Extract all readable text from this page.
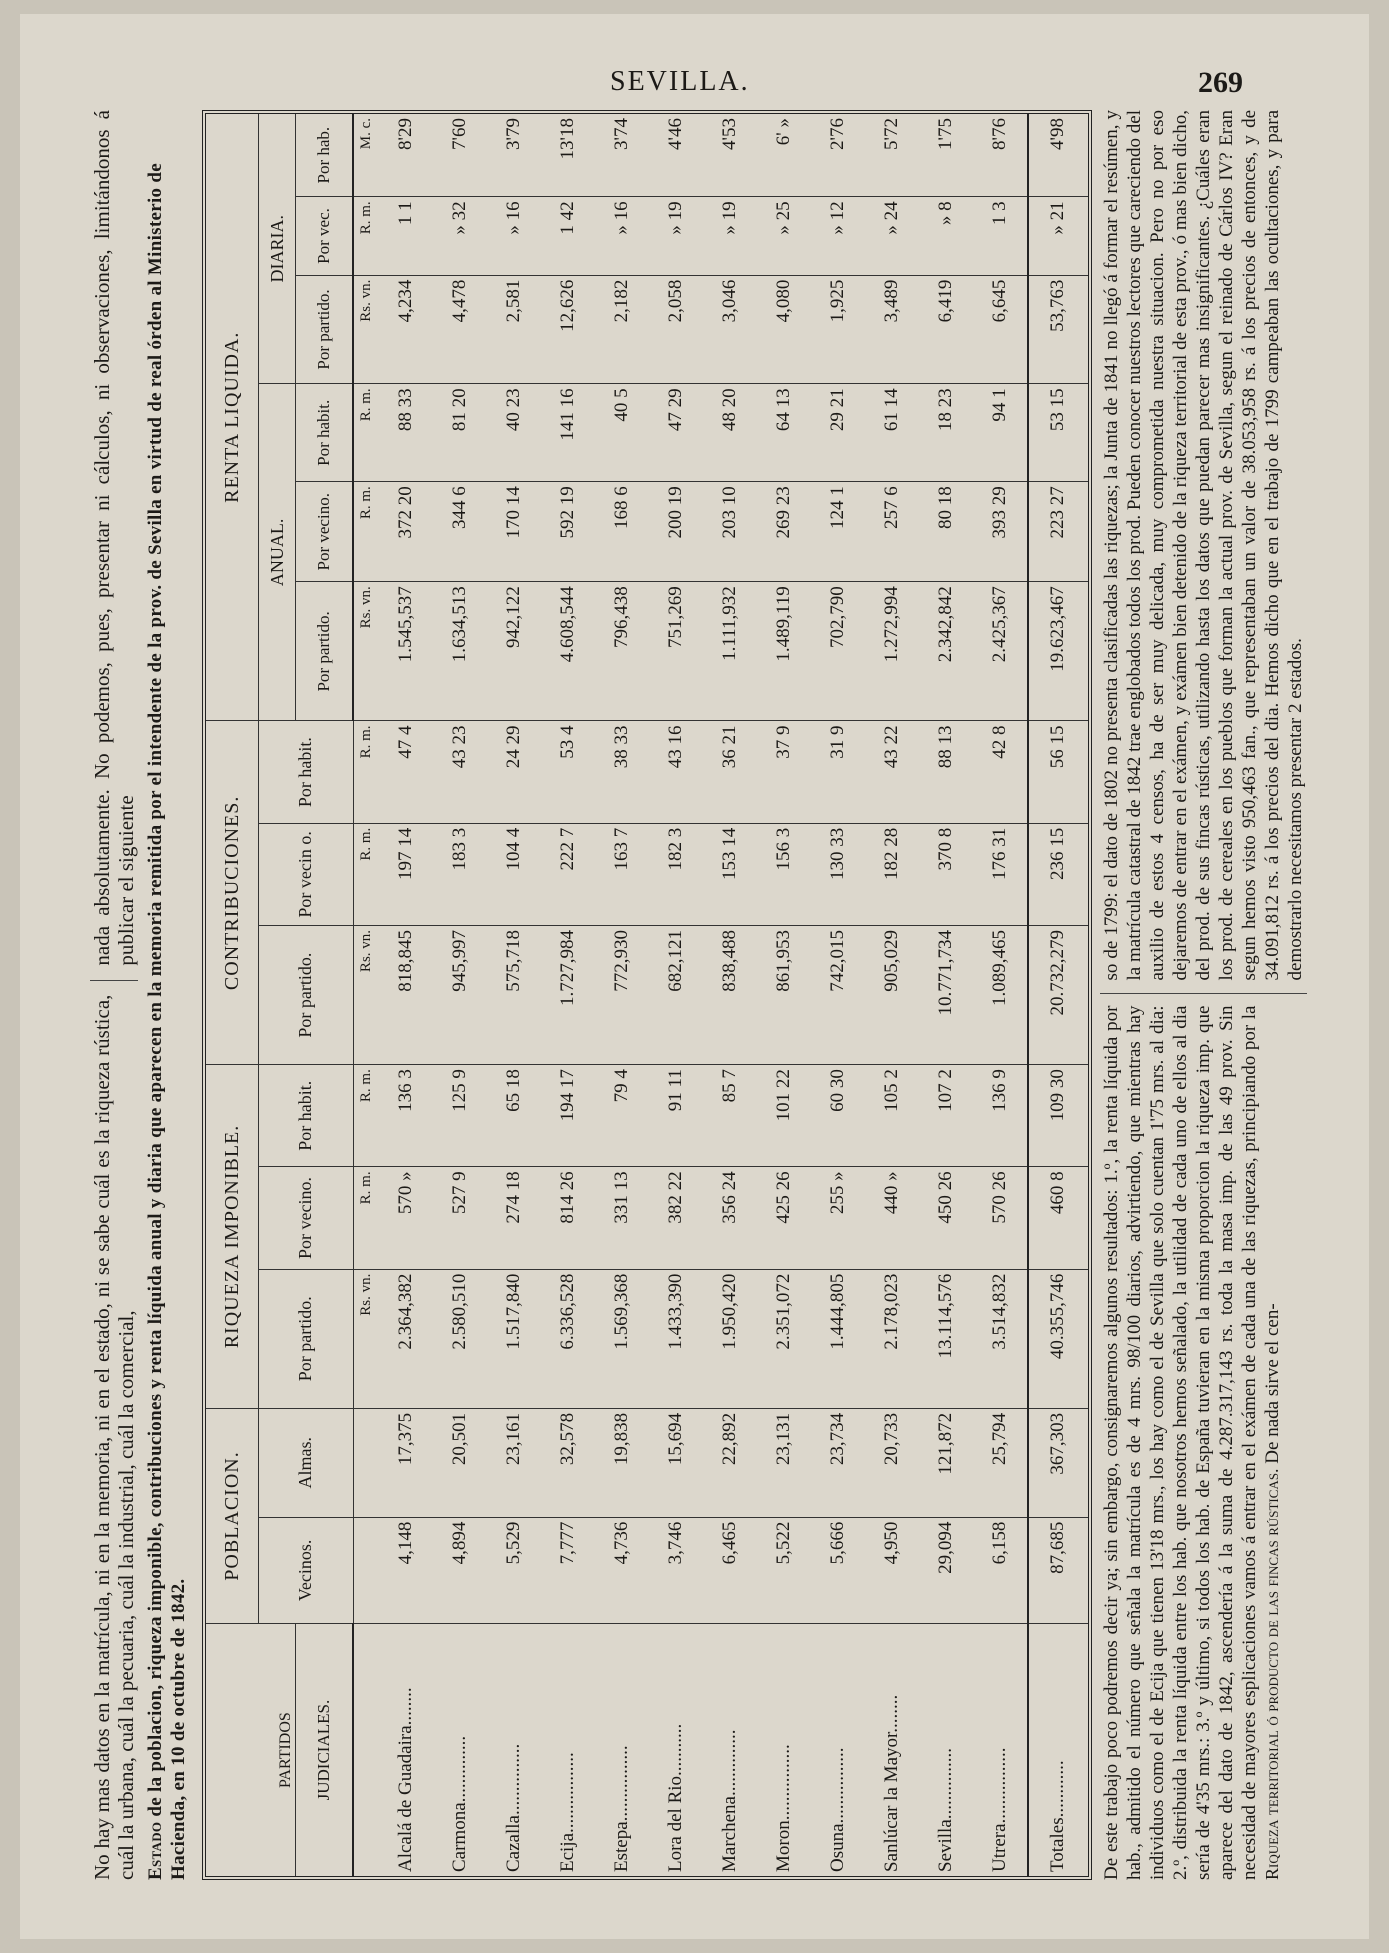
SEVILLA.	269

No hay mas datos en la matrícula, ni en la memoria, ni en el estado, ni se sabe cuál es la riqueza rústica, cuál la urbana, cuál la pecuaria, cuál la industrial, cuál la comercial,

nada absolutamente. No podemos, pues, presentar ni cálculos, ni observaciones, limitándonos á publicar el siguiente

Estado de la poblacion, riqueza imponible, contribuciones y renta líquida anual y diaria que aparecen en la memoria remitida por el intendente de la prov. de Sevilla en virtud de real órden al Ministerio de Hacienda, en 10 de octubre de 1842.	PARTIDOS	POBLACION.		RIQUEZA IMPONIBLE.			CONTRIBUCIONES.			RENTA LIQUIDA.					
	Vecinos.	Almas.	Por partido.	Por vecino.	Por habit.	Por partido.	Por vecin o.	Por habit.	ANUAL.			DIARIA.		
JUDICIALES.									Por partido.	Por vecino.	Por habit.	Por partido.	Por vec.	Por hab.
			Rs. vn.	R. m.	R. m.	Rs. vn.	R. m.	R. m.	Rs. vn.	R. m.	R. m.	Rs. vn.	R. m.	M. c.
Alcalá de Guadaira........	4,148	17,375	2.364,382	570 »	136 3	818,845	197 14	47 4	1.545,537	372 20	88 33	4,234	1 1	8'29
Carmona..............	4,894	20,501	2.580,510	527 9	125 9	945,997	183 3	43 23	1.634,513	344 6	81 20	4,478	» 32	7'60
Cazalla...............	5,529	23,161	1.517,840	274 18	65 18	575,718	104 4	24 29	942,122	170 14	40 23	2,581	» 16	3'79
Ecija.................	7,777	32,578	6.336,528	814 26	194 17	1.727,984	222 7	53 4	4.608,544	592 19	141 16	12,626	1 42	13'18
Estepa................	4,736	19,838	1.569,368	331 13	79 4	772,930	163 7	38 33	796,438	168 6	40 5	2,182	» 16	3'74
Lora del Rio...........	3,746	15,694	1.433,390	382 22	91 11	682,121	182 3	43 16	751,269	200 19	47 29	2,058	» 19	4'46
Marchena..............	6,465	22,892	1.950,420	356 24	85 7	838,488	153 14	36 21	1.111,932	203 10	48 20	3,046	» 19	4'53
Moron................	5,522	23,131	2.351,072	425 26	101 22	861,953	156 3	37 9	1.489,119	269 23	64 13	4,080	» 25	6' »
Osuna................	5,666	23,734	1.444,805	255 »	60 30	742,015	130 33	31 9	702,790	124 1	29 21	1,925	» 12	2'76
Sanlúcar la Mayor........	4,950	20,733	2.178,023	440 »	105 2	905,029	182 28	43 22	1.272,994	257 6	61 14	3,489	» 24	5'72
Sevilla...............	29,094	121,872	13.114,576	450 26	107 2	10.771,734	370 8	88 13	2.342,842	80 18	18 23	6,419	» 8	1'75
Utrera................	6,158	25,794	3.514,832	570 26	136 9	1.089,465	176 31	42 8	2.425,367	393 29	94 1	6,645	1 3	8'76
Totales............	87,685	367,303	40.355,746	460 8	109 30	20.732,279	236 15	56 15	19.623,467	223 27	53 15	53,763	» 21	4'98

De este trabajo poco podremos decir ya; sin embargo, consignaremos algunos resultados: 1.º, la renta líquida por hab., admitido el número que señala la matrícula es de 4 mrs. 98/100 diarios, advirtiendo, que mientras hay individuos como el de Ecija que tienen 13'18 mrs., los hay como el de Sevilla que solo cuentan 1'75 mrs. al dia: 2.º, distribuida la renta líquida entre los hab. que nosotros hemos señalado, la utilidad de cada uno de ellos al dia sería de 4'35 mrs.: 3.º y último, si todos los hab. de España tuvieran en la misma proporcion la riqueza imp. que aparece del dato de 1842, ascendería á la suma de 4.287.317,143 rs. toda la masa imp. de las 49 prov. Sin necesidad de mayores esplicaciones vamos á entrar en el exámen de cada una de las riquezas, principiando por la Riqueza territorial ó producto de las fincas rústicas. De nada sirve el cen-

so de 1799: el dato de 1802 no presenta clasificadas las riquezas; la Junta de 1841 no llegó á formar el resúmen, y la matrícula catastral de 1842 trae englobados todos los prod. Pueden conocer nuestros lectores que careciendo del auxilio de estos 4 censos, ha de ser muy delicada, muy comprometida nuestra situacion. Pero no por eso dejaremos de entrar en el exámen, y exámen bien detenido de la riqueza territorial de esta prov., ó mas bien dicho, del prod. de sus fincas rústicas, utilizando hasta los datos que puedan parecer mas insignificantes. ¿Cuáles eran los prod. de cereales en los pueblos que forman la actual prov. de Sevilla, segun el reinado de Cárlos IV? Eran segun hemos visto 950,463 fan., que representaban un valor de 38.053,958 rs. á los precios de entonces, y de 34.091,812 rs. á los precios del dia. Hemos dicho que en el trabajo de 1799 campeaban las ocultaciones, y para demostrarlo necesitamos presentar 2 estados.
